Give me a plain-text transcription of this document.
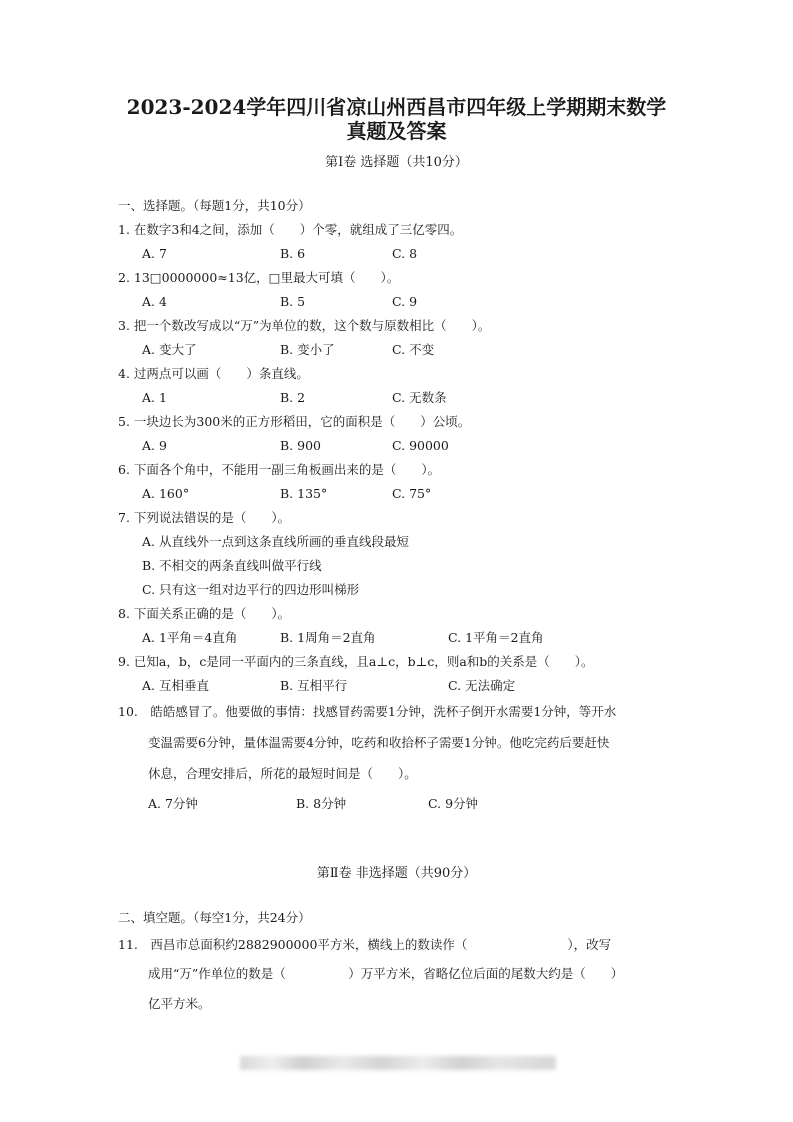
2023-2024学年四川省凉山州西昌市四年级上学期期末数学
真题及答案
第Ⅰ卷 选择题（共10分）
一、选择题。（每题1分，共10分）
1. 在数字3和4之间，添加（　　）个零，就组成了三亿零四。
A. 7	B. 6	C. 8
2. 13□0000000≈13亿，□里最大可填（　　）。
A. 4	B. 5	C. 9
3. 把一个数改写成以“万”为单位的数，这个数与原数相比（　　）。
A. 变大了	B. 变小了	C. 不变
4. 过两点可以画（　　）条直线。
A. 1	B. 2	C. 无数条
5. 一块边长为300米的正方形稻田，它的面积是（　　）公顷。
A. 9	B. 900	C. 90000
6. 下面各个角中，不能用一副三角板画出来的是（　　）。
A. 160°	B. 135°	C. 75°
7. 下列说法错误的是（　　）。
A. 从直线外一点到这条直线所画的垂直线段最短
B. 不相交的两条直线叫做平行线
C. 只有这一组对边平行的四边形叫梯形
8. 下面关系正确的是（　　）。
A. 1平角＝4直角	B. 1周角＝2直角	C. 1平角＝2直角
9. 已知a，b，c是同一平面内的三条直线，且a⊥c，b⊥c，则a和b的关系是（　　）。
A. 互相垂直	B. 互相平行	C. 无法确定
10.　皓皓感冒了。他要做的事情：找感冒药需要1分钟，洗杯子倒开水需要1分钟，等开水
变温需要6分钟，量体温需要4分钟，吃药和收拾杯子需要1分钟。他吃完药后要赶快
休息，合理安排后，所花的最短时间是（　　）。
A. 7分钟	B. 8分钟	C. 9分钟
第Ⅱ卷 非选择题（共90分）
二、填空题。（每空1分，共24分）
11.　西昌市总面积约2882900000平方米，横线上的数读作（　　　　　　　　），改写
成用“万”作单位的数是（　　　　　）万平方米，省略亿位后面的尾数大约是（　　）
亿平方米。
